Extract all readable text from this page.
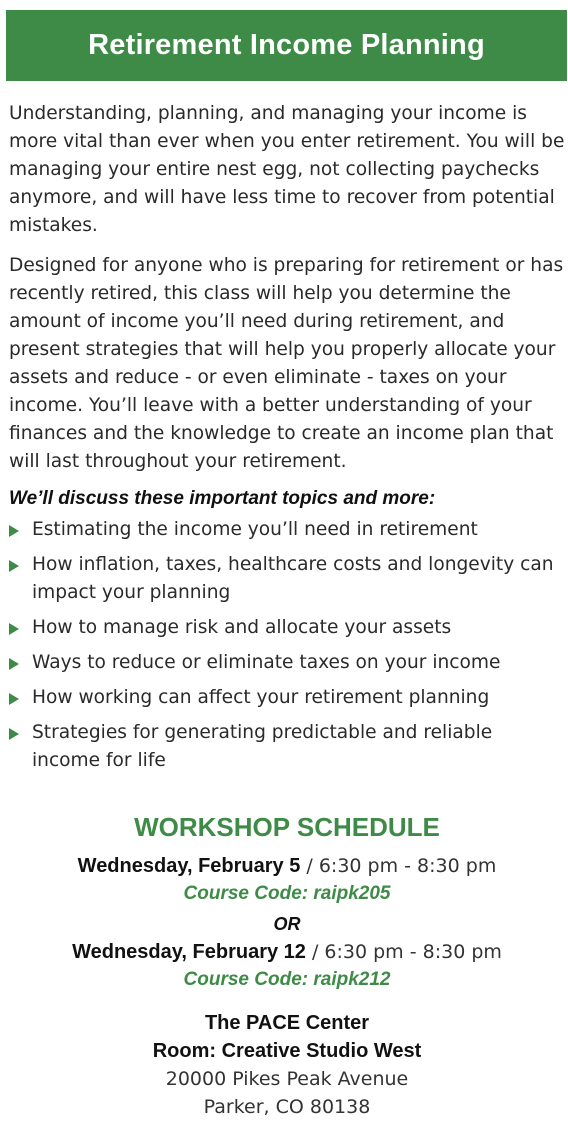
Retirement Income Planning

Understanding, planning, and managing your income is more vital than ever when you enter retirement. You will be managing your entire nest egg, not collecting paychecks anymore, and will have less time to recover from potential mistakes.

Designed for anyone who is preparing for retirement or has recently retired, this class will help you determine the amount of income you’ll need during retirement, and present strategies that will help you properly allocate your assets and reduce - or even eliminate - taxes on your income. You’ll leave with a better understanding of your finances and the knowledge to create an income plan that will last throughout your retirement.

We’ll discuss these important topics and more:
Estimating the income you’ll need in retirement
How inflation, taxes, healthcare costs and longevity can impact your planning
How to manage risk and allocate your assets
Ways to reduce or eliminate taxes on your income
How working can affect your retirement planning
Strategies for generating predictable and reliable income for life
WORKSHOP SCHEDULE
Wednesday, February 5 / 6:30 pm - 8:30 pm
Course Code: raipk205
OR
Wednesday, February 12 / 6:30 pm - 8:30 pm
Course Code: raipk212
The PACE Center
Room: Creative Studio West
20000 Pikes Peak Avenue
Parker, CO 80138
